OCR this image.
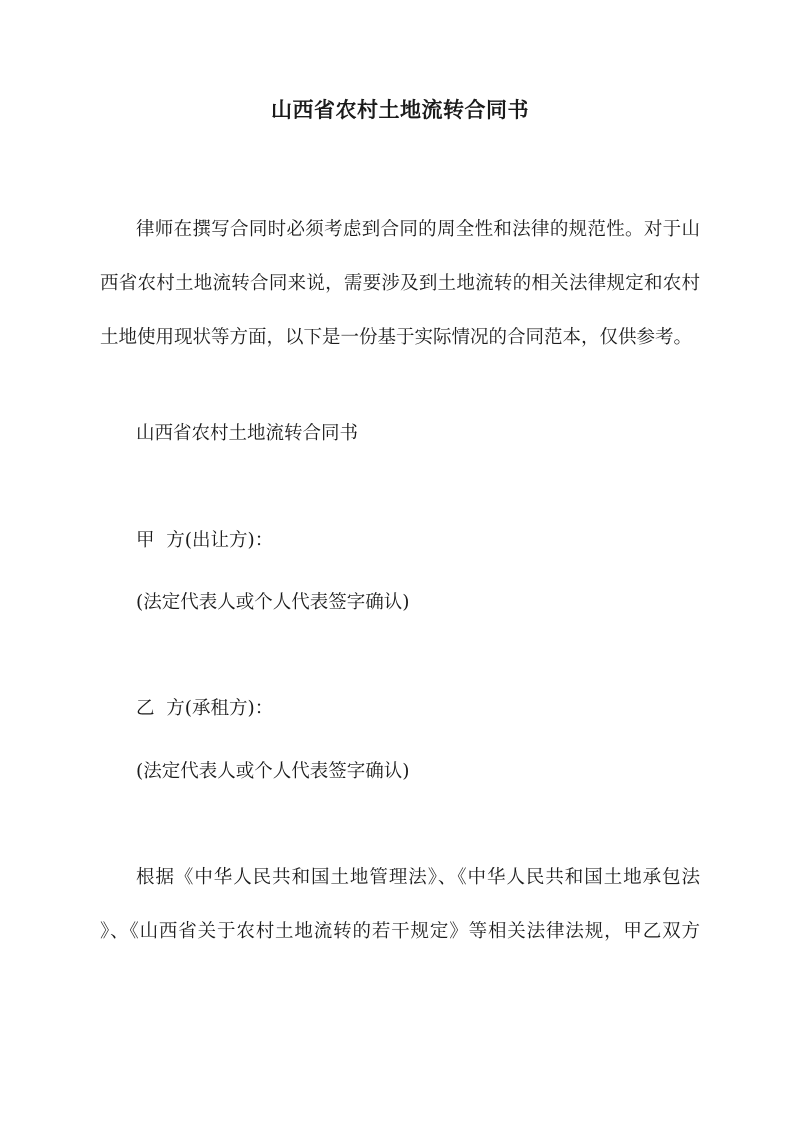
山西省农村土地流转合同书
律师在撰写合同时必须考虑到合同的周全性和法律的规范性。对于山
西省农村土地流转合同来说，需要涉及到土地流转的相关法律规定和农村
土地使用现状等方面，以下是一份基于实际情况的合同范本，仅供参考。
山西省农村土地流转合同书
甲  方(出让方)：
(法定代表人或个人代表签字确认)
乙  方(承租方)：
(法定代表人或个人代表签字确认)
根据《中华人民共和国土地管理法》、《中华人民共和国土地承包法
》、《山西省关于农村土地流转的若干规定》等相关法律法规，甲乙双方
